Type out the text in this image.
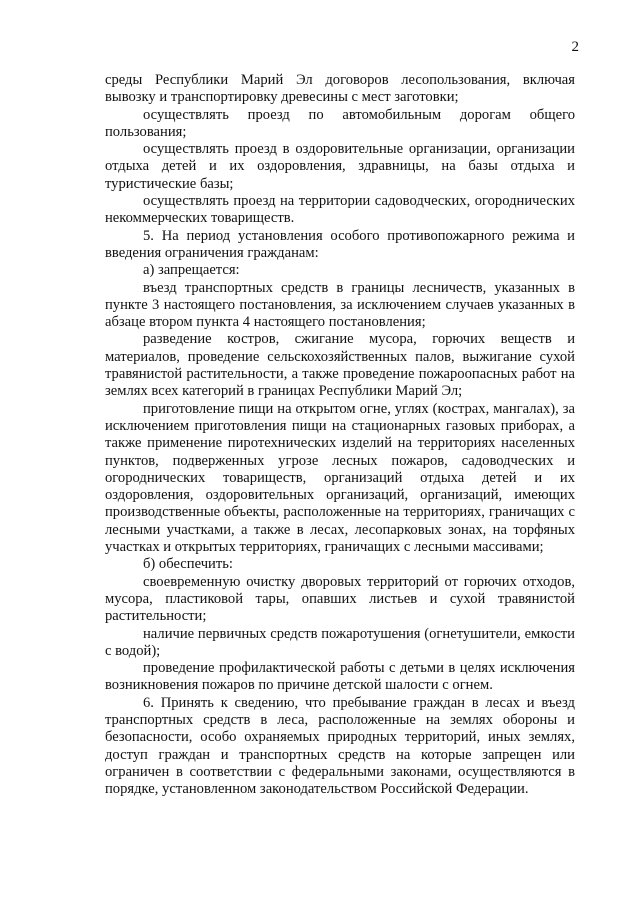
2

среды Республики Марий Эл договоров лесопользования, включая вывозку и транспортировку древесины с мест заготовки;

осуществлять проезд по автомобильным дорогам общего пользования;

осуществлять проезд в оздоровительные организации, организации отдыха детей и их оздоровления, здравницы, на базы отдыха и туристические базы;

осуществлять проезд на территории садоводческих, огороднических некоммерческих товариществ.

5. На период установления особого противопожарного режима и введения ограничения гражданам:

а) запрещается:

въезд транспортных средств в границы лесничеств, указанных в пункте 3 настоящего постановления, за исключением случаев указанных в абзаце втором пункта 4 настоящего постановления;

разведение костров, сжигание мусора, горючих веществ и материалов, проведение сельскохозяйственных палов, выжигание сухой травянистой растительности, а также проведение пожароопасных работ на землях всех категорий в границах Республики Марий Эл;

приготовление пищи на открытом огне, углях (кострах, мангалах), за исключением приготовления пищи на стационарных газовых приборах, а также применение пиротехнических изделий на территориях населенных пунктов, подверженных угрозе лесных пожаров, садоводческих и огороднических товариществ, организаций отдыха детей и их оздоровления, оздоровительных организаций, организаций, имеющих производственные объекты, расположенные на территориях, граничащих с лесными участками, а также в лесах, лесопарковых зонах, на торфяных участках и открытых территориях, граничащих с лесными массивами;

б) обеспечить:

своевременную очистку дворовых территорий от горючих отходов, мусора, пластиковой тары, опавших листьев и сухой травянистой растительности;

наличие первичных средств пожаротушения (огнетушители, емкости с водой);

проведение профилактической работы с детьми в целях исключения возникновения пожаров по причине детской шалости с огнем.

6. Принять к сведению, что пребывание граждан в лесах и въезд транспортных средств в леса, расположенные на землях обороны и безопасности, особо охраняемых природных территорий, иных землях, доступ граждан и транспортных средств на которые запрещен или ограничен в соответствии с федеральными законами, осуществляются в порядке, установленном законодательством Российской Федерации.
